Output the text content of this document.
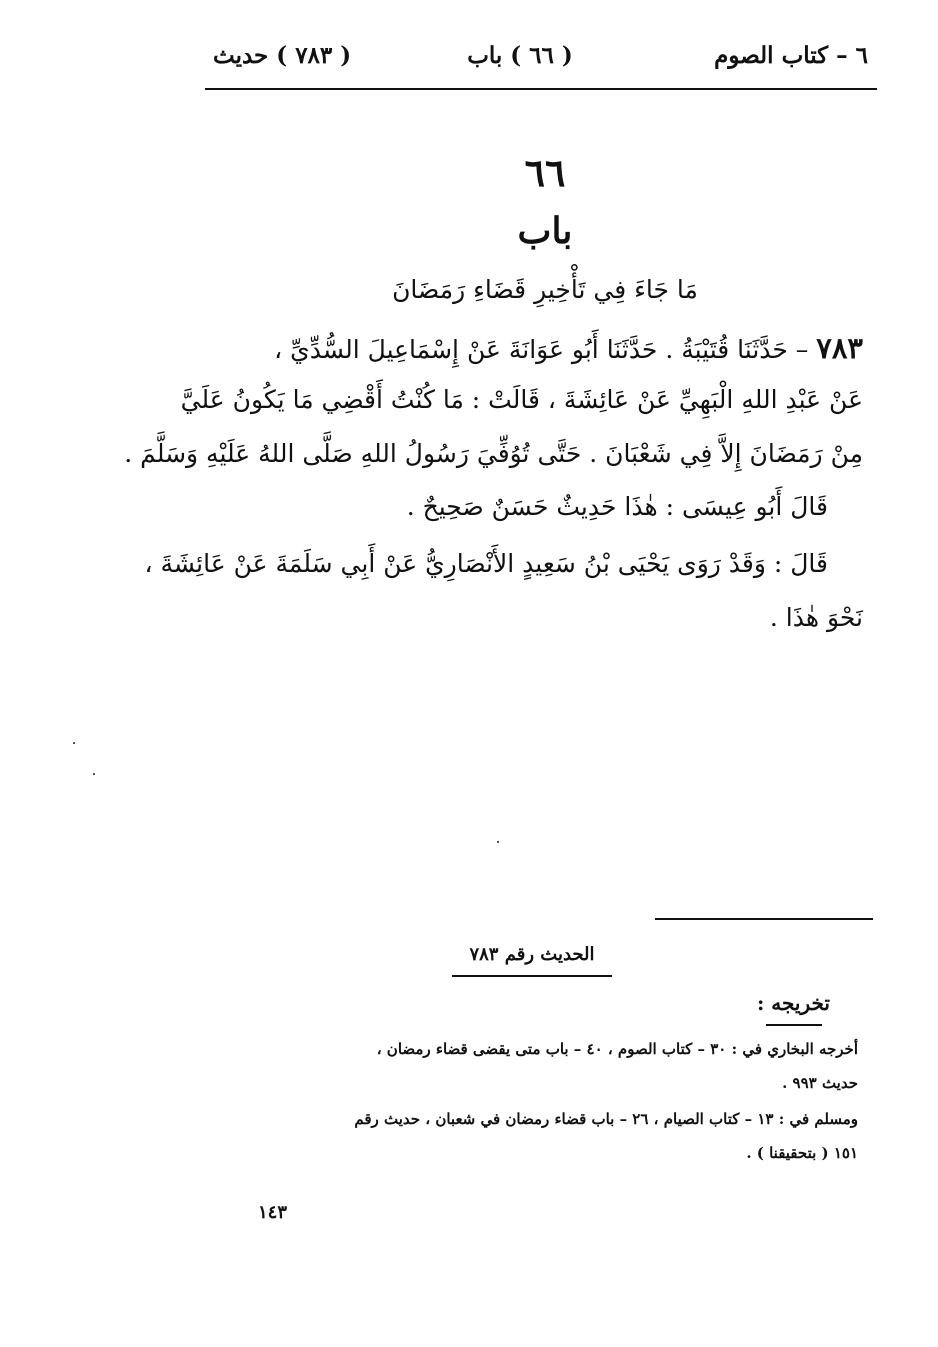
٦ – كتاب الصوم
( ٦٦ ) باب
( ٧٨٣ ) حديث
٦٦
باب
مَا جَاءَ فِي تَأْخِيرِ قَضَاءِ رَمَضَانَ
٧٨٣ – حَدَّثَنَا قُتَيْبَةُ . حَدَّثَنَا أَبُو عَوَانَةَ عَنْ إِسْمَاعِيلَ السُّدِّيِّ ،
عَنْ عَبْدِ اللهِ الْبَهِيِّ عَنْ عَائِشَةَ ، قَالَتْ : مَا كُنْتُ أَقْضِي مَا يَكُونُ عَلَيَّ
مِنْ رَمَضَانَ إِلاَّ فِي شَعْبَانَ . حَتَّى تُوُفِّيَ رَسُولُ اللهِ صَلَّى اللهُ عَلَيْهِ وَسَلَّمَ .
قَالَ أَبُو عِيسَى : هٰذَا حَدِيثٌ حَسَنٌ صَحِيحٌ .
قَالَ : وَقَدْ رَوَى يَحْيَى بْنُ سَعِيدٍ الأَنْصَارِيُّ عَنْ أَبِي سَلَمَةَ عَنْ عَائِشَةَ ،
نَحْوَ هٰذَا .
الحديث رقم ٧٨٣
تخريجه :
أخرجه البخاري في : ٣٠ – كتاب الصوم ، ٤٠ – باب متى يقضى قضاء رمضان ،
حديث ٩٩٣ .
ومسلم في : ١٣ – كتاب الصيام ، ٢٦ – باب قضاء رمضان في شعبان ، حديث رقم
١٥١ ( بتحقيقنا ) .
١٤٣
